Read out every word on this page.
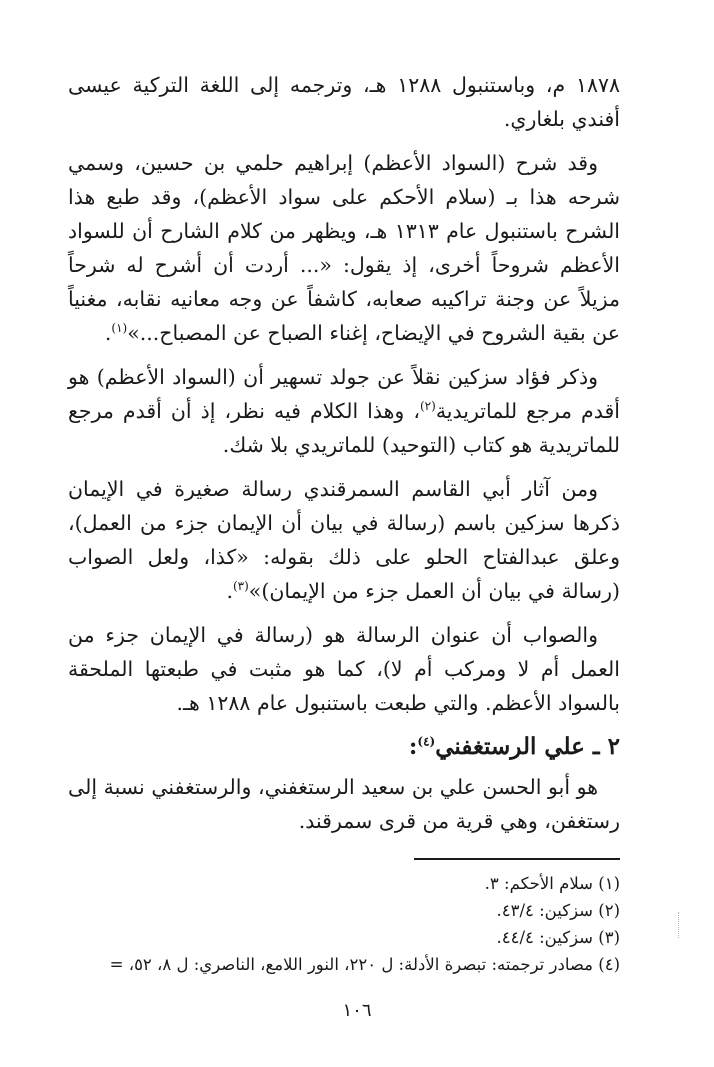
١٨٧٨ م، وباستنبول ١٢٨٨ هـ، وترجمه إلى اللغة التركية عيسى أفندي بلغاري.

وقد شرح (السواد الأعظم) إبراهيم حلمي بن حسين، وسمي شرحه هذا بـ (سلام الأحكم على سواد الأعظم)، وقد طبع هذا الشرح باستنبول عام ١٣١٣ هـ، ويظهر من كلام الشارح أن للسواد الأعظم شروحاً أخرى، إذ يقول: «... أردت أن أشرح له شرحاً مزيلاً عن وجنة تراكيبه صعابه، كاشفاً عن وجه معانيه نقابه، مغنياً عن بقية الشروح في الإيضاح، إغناء الصباح عن المصباح...»$^{(١)}$.

وذكر فؤاد سزكين نقلاً عن جولد تسهير أن (السواد الأعظم) هو أقدم مرجع للماتريدية$^{(٢)}$، وهذا الكلام فيه نظر، إذ أن أقدم مرجع للماتريدية هو كتاب (التوحيد) للماتريدي بلا شك.

ومن آثار أبي القاسم السمرقندي رسالة صغيرة في الإيمان ذكرها سزكين باسم (رسالة في بيان أن الإيمان جزء من العمل)، وعلق عبدالفتاح الحلو على ذلك بقوله: «كذا، ولعل الصواب (رسالة في بيان أن العمل جزء من الإيمان)»$^{(٣)}$.

والصواب أن عنوان الرسالة هو (رسالة في الإيمان جزء من العمل أم لا ومركب أم لا)، كما هو مثبت في طبعتها الملحقة بالسواد الأعظم. والتي طبعت باستنبول عام ١٢٨٨ هـ.

٢ ـ علي الرستغفني$^{(٤)}$:

هو أبو الحسن علي بن سعيد الرستغفني، والرستغفني نسبة إلى رستغفن، وهي قرية من قرى سمرقند.

(١) سلام الأحكم: ٣.

(٢) سزكين: ٤٣/٤.

(٣) سزكين: ٤٤/٤.

(٤) مصادر ترجمته: تبصرة الأدلة: ل ٢٢٠، النور اللامع، الناصري: ل ٨، ٥٢، =

١٠٦
